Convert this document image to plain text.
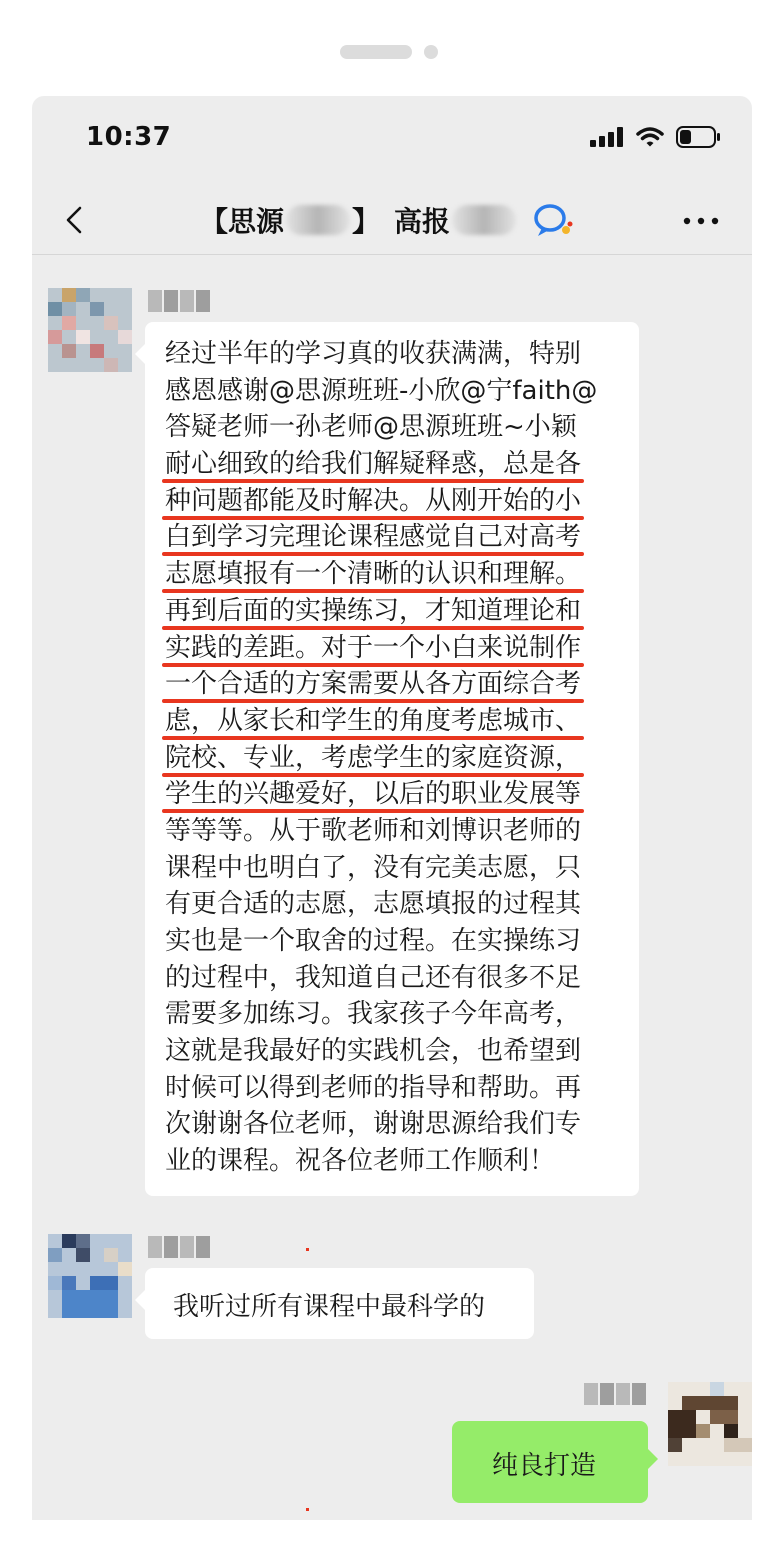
10:37
【思源 】 高报
经过半年的学习真的收获满满，特别
感恩感谢@思源班班-小欣@宁faith@
答疑老师一孙老师@思源班班~小颖
耐心细致的给我们解疑释惑，总是各
种问题都能及时解决。从刚开始的小
白到学习完理论课程感觉自己对高考
志愿填报有一个清晰的认识和理解。
再到后面的实操练习，才知道理论和
实践的差距。对于一个小白来说制作
一个合适的方案需要从各方面综合考
虑，从家长和学生的角度考虑城市、
院校、专业，考虑学生的家庭资源，
学生的兴趣爱好，以后的职业发展等
等等等。从于歌老师和刘博识老师的
课程中也明白了，没有完美志愿，只
有更合适的志愿，志愿填报的过程其
实也是一个取舍的过程。在实操练习
的过程中，我知道自己还有很多不足
需要多加练习。我家孩子今年高考，
这就是我最好的实践机会，也希望到
时候可以得到老师的指导和帮助。再
次谢谢各位老师，谢谢思源给我们专
业的课程。祝各位老师工作顺利！
我听过所有课程中最科学的
纯良打造
